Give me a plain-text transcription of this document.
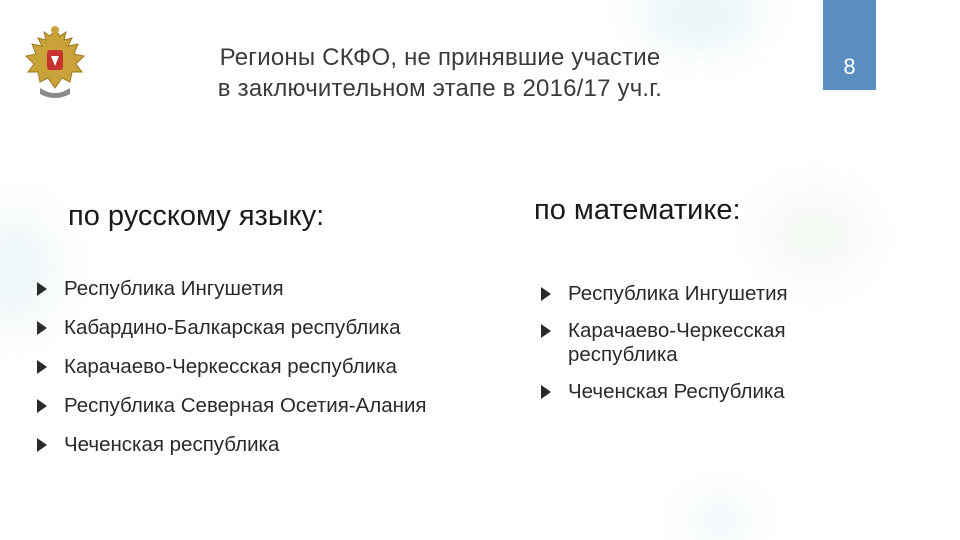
Регионы СКФО, не принявшие участие
в заключительном этапе в 2016/17 уч.г.
8
по русскому языку:
Республика Ингушетия
Кабардино-Балкарская республика
Карачаево-Черкесская республика
Республика Северная Осетия-Алания
Чеченская республика
по математике:
Республика Ингушетия
Карачаево-Черкесская республика
Чеченская Республика
